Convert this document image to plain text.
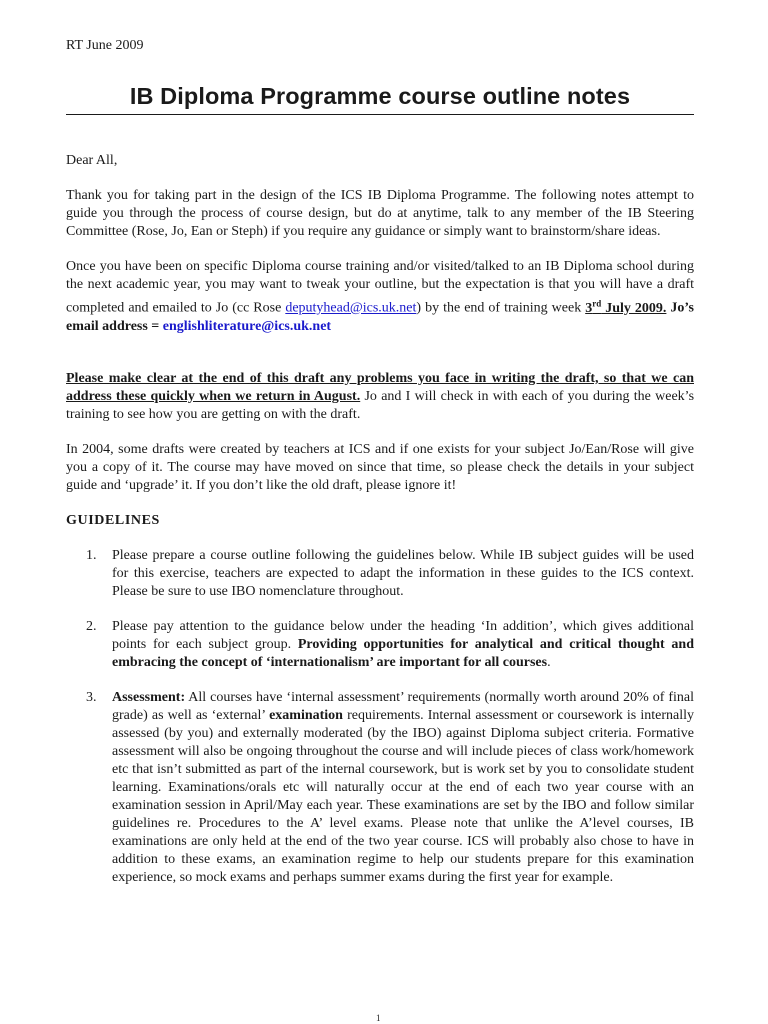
RT June 2009
IB Diploma Programme course outline notes

Dear All,

Thank you for taking part in the design of the ICS IB Diploma Programme. The following notes attempt to guide you through the process of course design, but do at anytime, talk to any member of the IB Steering Committee (Rose, Jo, Ean or Steph) if you require any guidance or simply want to brainstorm/share ideas.

Once you have been on specific Diploma course training and/or visited/talked to an IB Diploma school during the next academic year, you may want to tweak your outline, but the expectation is that you will have a draft completed and emailed to Jo (cc Rose deputyhead@ics.uk.net) by the end of training week 3rd July 2009. Jo’s email address = englishliterature@ics.uk.net

Please make clear at the end of this draft any problems you face in writing the draft, so that we can address these quickly when we return in August. Jo and I will check in with each of you during the week’s training to see how you are getting on with the draft.

In 2004, some drafts were created by teachers at ICS and if one exists for your subject Jo/Ean/Rose will give you a copy of it. The course may have moved on since that time, so please check the details in your subject guide and ‘upgrade’ it. If you don’t like the old draft, please ignore it!

GUIDELINES

1. Please prepare a course outline following the guidelines below. While IB subject guides will be used for this exercise, teachers are expected to adapt the information in these guides to the ICS context. Please be sure to use IBO nomenclature throughout.
2. Please pay attention to the guidance below under the heading ‘In addition’, which gives additional points for each subject group. Providing opportunities for analytical and critical thought and embracing the concept of ‘internationalism’ are important for all courses.
3. Assessment: All courses have ‘internal assessment’ requirements (normally worth around 20% of final grade) as well as ‘external’ examination requirements. Internal assessment or coursework is internally assessed (by you) and externally moderated (by the IBO) against Diploma subject criteria. Formative assessment will also be ongoing throughout the course and will include pieces of class work/homework etc that isn’t submitted as part of the internal coursework, but is work set by you to consolidate student learning. Examinations/orals etc will naturally occur at the end of each two year course with an examination session in April/May each year. These examinations are set by the IBO and follow similar guidelines re. Procedures to the A’ level exams. Please note that unlike the A’level courses, IB examinations are only held at the end of the two year course. ICS will probably also chose to have in addition to these exams, an examination regime to help our students prepare for this examination experience, so mock exams and perhaps summer exams during the first year for example.
1
